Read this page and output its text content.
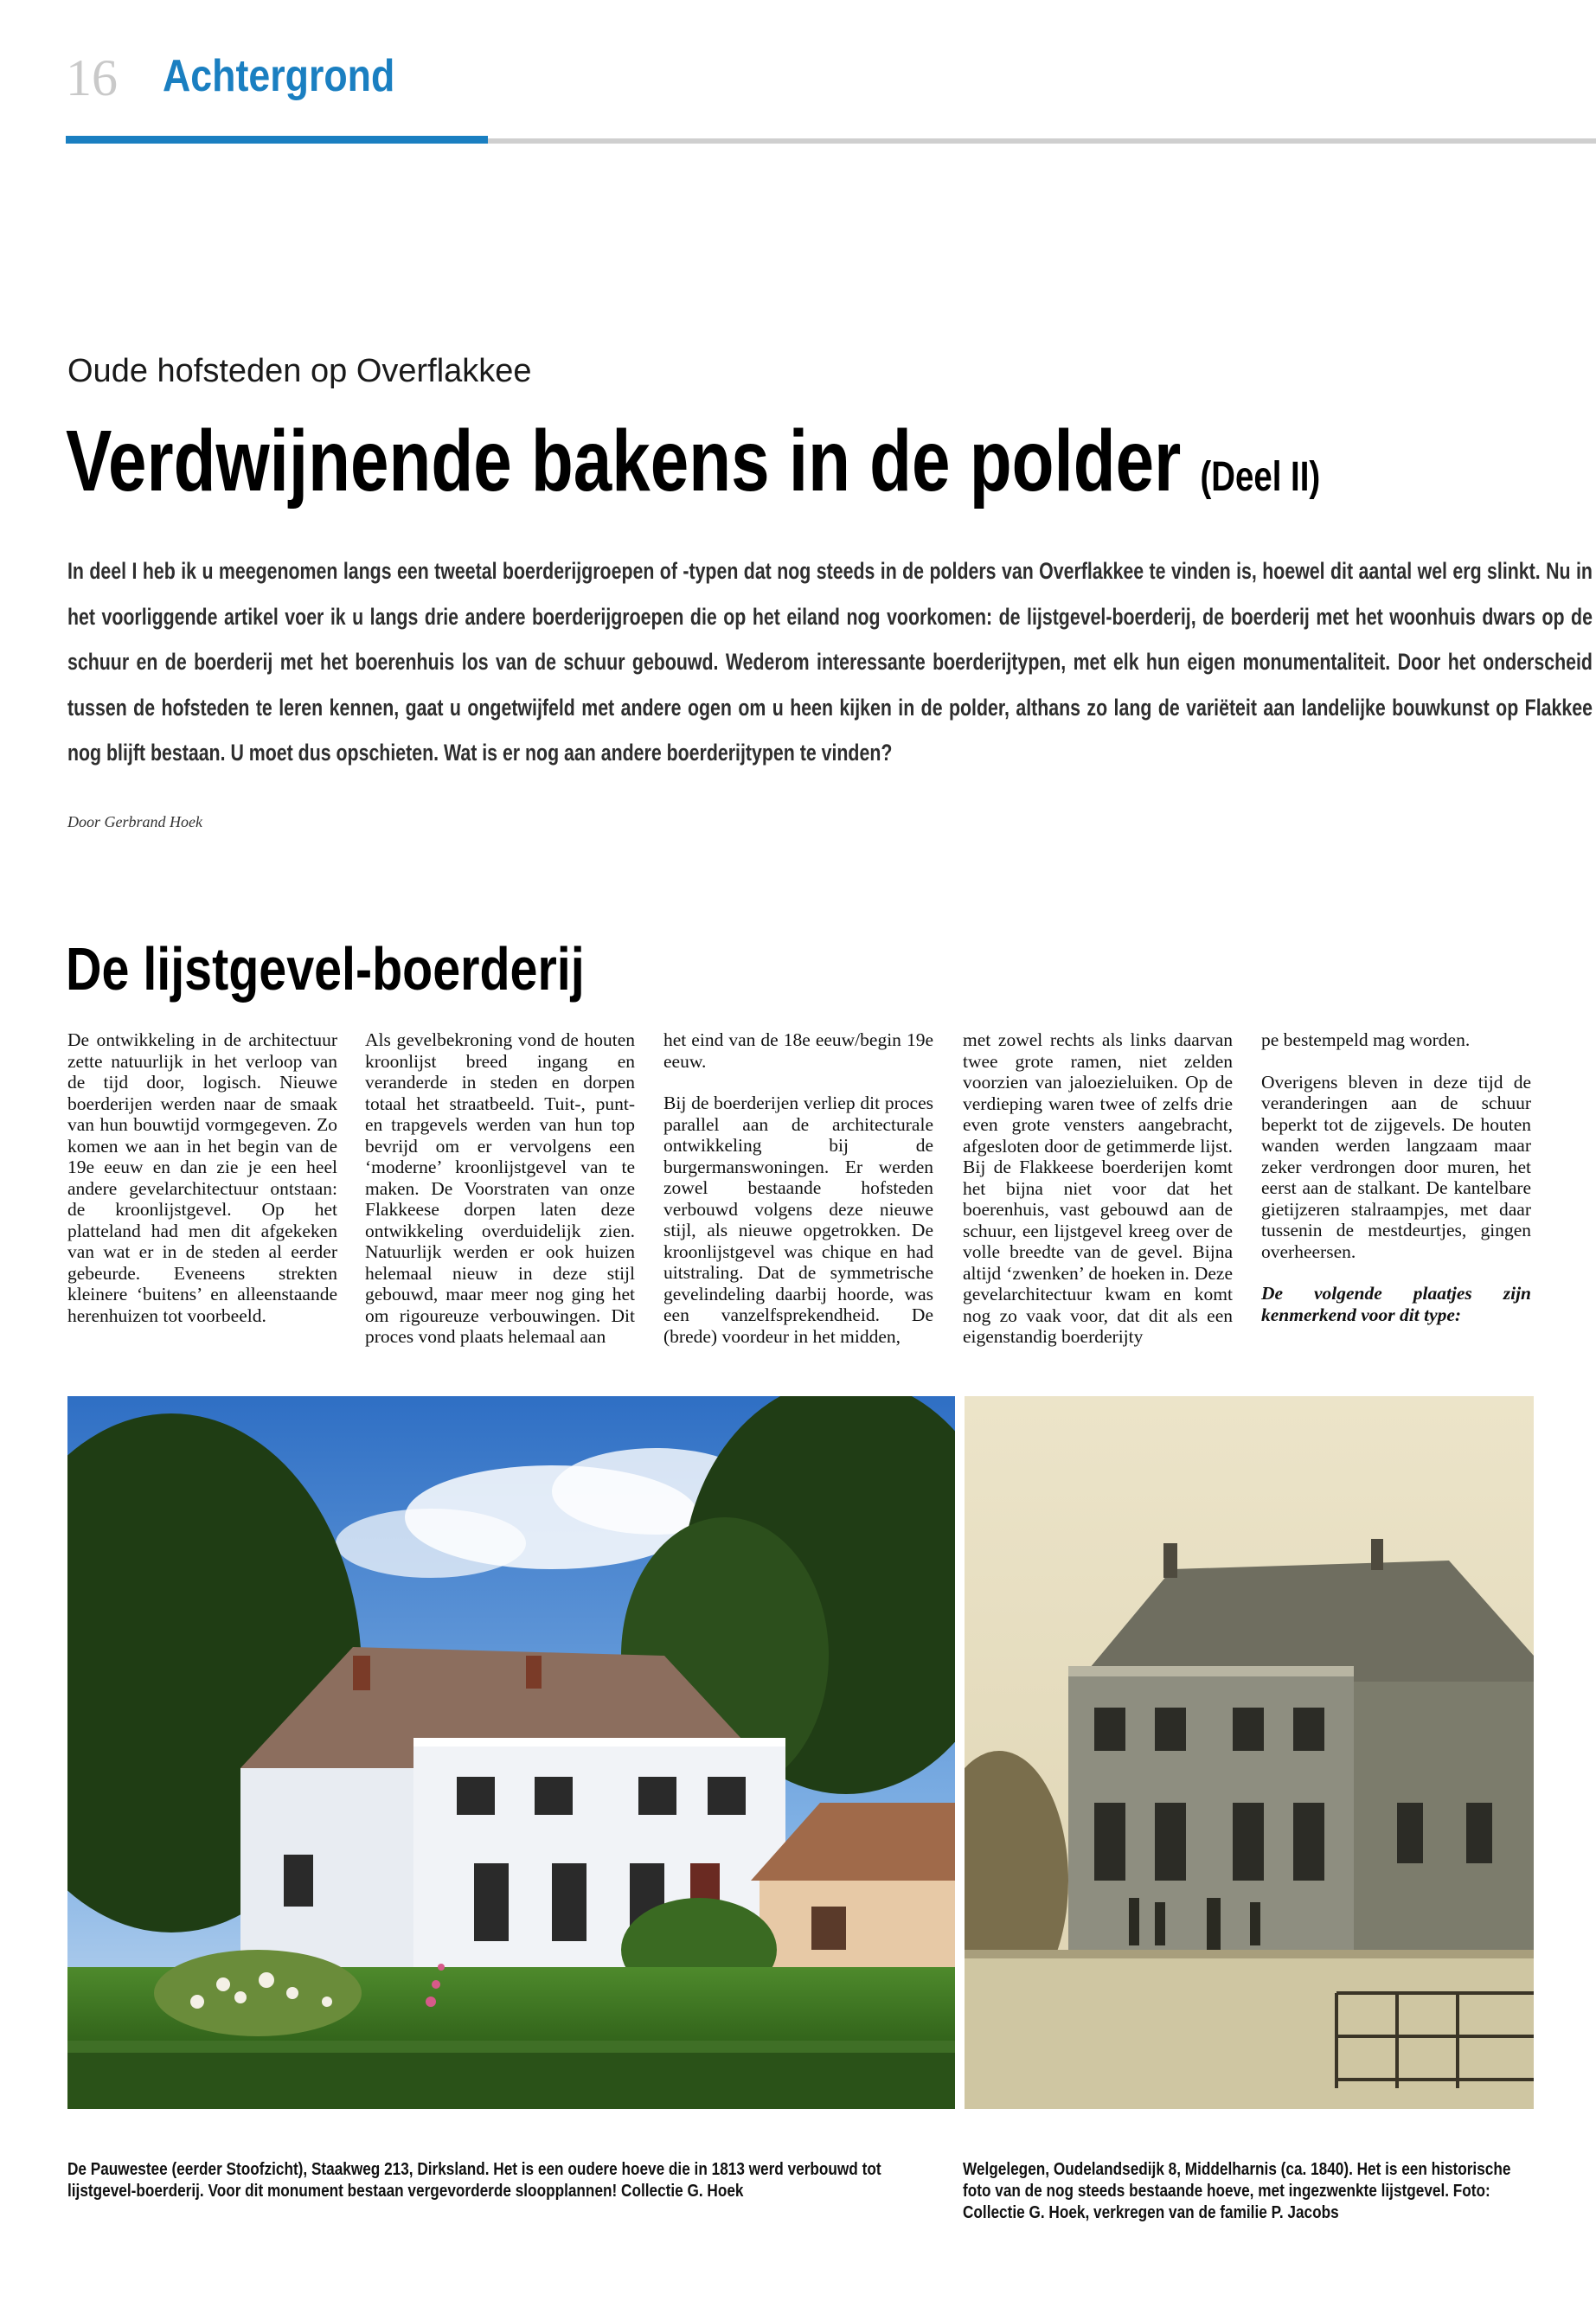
16 Achtergrond
Oude hofsteden op Overflakkee
Verdwijnende bakens in de polder (Deel II)
In deel I heb ik u meegenomen langs een tweetal boerderijgroepen of -typen dat nog steeds in de polders van Overflakkee te vinden is, hoewel dit aantal wel erg slinkt. Nu in het voorliggende artikel voer ik u langs drie andere boerderijgroepen die op het eiland nog voorkomen: de lijstgevel-boerderij, de boerderij met het woonhuis dwars op de schuur en de boerderij met het boerenhuis los van de schuur gebouwd. Wederom interessante boerderijtypen, met elk hun eigen monumentaliteit. Door het onderscheid tussen de hofsteden te leren kennen, gaat u ongetwijfeld met andere ogen om u heen kijken in de polder, althans zo lang de variëteit aan landelijke bouwkunst op Flakkee nog blijft bestaan. U moet dus opschieten. Wat is er nog aan andere boerderijtypen te vinden?
Door Gerbrand Hoek
De lijstgevel-boerderij

De ontwikkeling in de architectuur zette natuurlijk in het verloop van de tijd door, logisch. Nieuwe boerderijen werden naar de smaak van hun bouwtijd vormgegeven. Zo komen we aan in het begin van de 19e eeuw en dan zie je een heel andere gevelarchitectuur ontstaan: de kroonlijstgevel. Op het platteland had men dit afgekeken van wat er in de steden al eerder gebeurde. Eveneens strekten kleinere ‘buitens’ en alleenstaande herenhuizen tot voorbeeld.

Als gevelbekroning vond de houten kroonlijst breed ingang en veranderde in steden en dorpen totaal het straatbeeld. Tuit-, punt- en trapgevels werden van hun top bevrijd om er vervolgens een ‘moderne’ kroonlijstgevel van te maken. De Voorstraten van onze Flakkeese dorpen laten deze ontwikkeling overduidelijk zien. Natuurlijk werden er ook huizen helemaal nieuw in deze stijl gebouwd, maar meer nog ging het om rigoureuze verbouwingen. Dit proces vond plaats helemaal aan

het eind van de 18e eeuw/begin 19e eeuw.

Bij de boerderijen verliep dit proces parallel aan de architecturale ontwikkeling bij de burgermanswoningen. Er werden zowel bestaande hofsteden verbouwd volgens deze nieuwe stijl, als nieuwe opgetrokken. De kroonlijstgevel was chique en had uitstraling. Dat de symmetrische gevelindeling daarbij hoorde, was een vanzelfsprekendheid. De (brede) voordeur in het midden,

met zowel rechts als links daarvan twee grote ramen, niet zelden voorzien van jaloezieluiken. Op de verdieping waren twee of zelfs drie even grote vensters aangebracht, afgesloten door de getimmerde lijst. Bij de Flakkeese boerderijen komt het bijna niet voor dat het boerenhuis, vast gebouwd aan de schuur, een lijstgevel kreeg over de volle breedte van de gevel. Bijna altijd ‘zwenken’ de hoeken in. Deze gevelarchitectuur kwam en komt nog zo vaak voor, dat dit als een eigenstandig boerderijty

pe bestempeld mag worden.

Overigens bleven in deze tijd de veranderingen aan de schuur beperkt tot de zijgevels. De houten wanden werden langzaam maar zeker verdrongen door muren, het eerst aan de stalkant. De kantelbare gietijzeren stalraampjes, met daar tussenin de mestdeurtjes, gingen overheersen.

De volgende plaatjes zijn kenmerkend voor dit type:

De Pauwestee (eerder Stoofzicht), Staakweg 213, Dirksland. Het is een oudere hoeve die in 1813 werd verbouwd tot lijstgevel-boerderij. Voor dit monument bestaan vergevorderde sloopplannen! Collectie G. Hoek
Welgelegen, Oudelandsedijk 8, Middelharnis (ca. 1840). Het is een historische foto van de nog steeds bestaande hoeve, met ingezwenkte lijstgevel. Foto: Collectie G. Hoek, verkregen van de familie P. Jacobs
